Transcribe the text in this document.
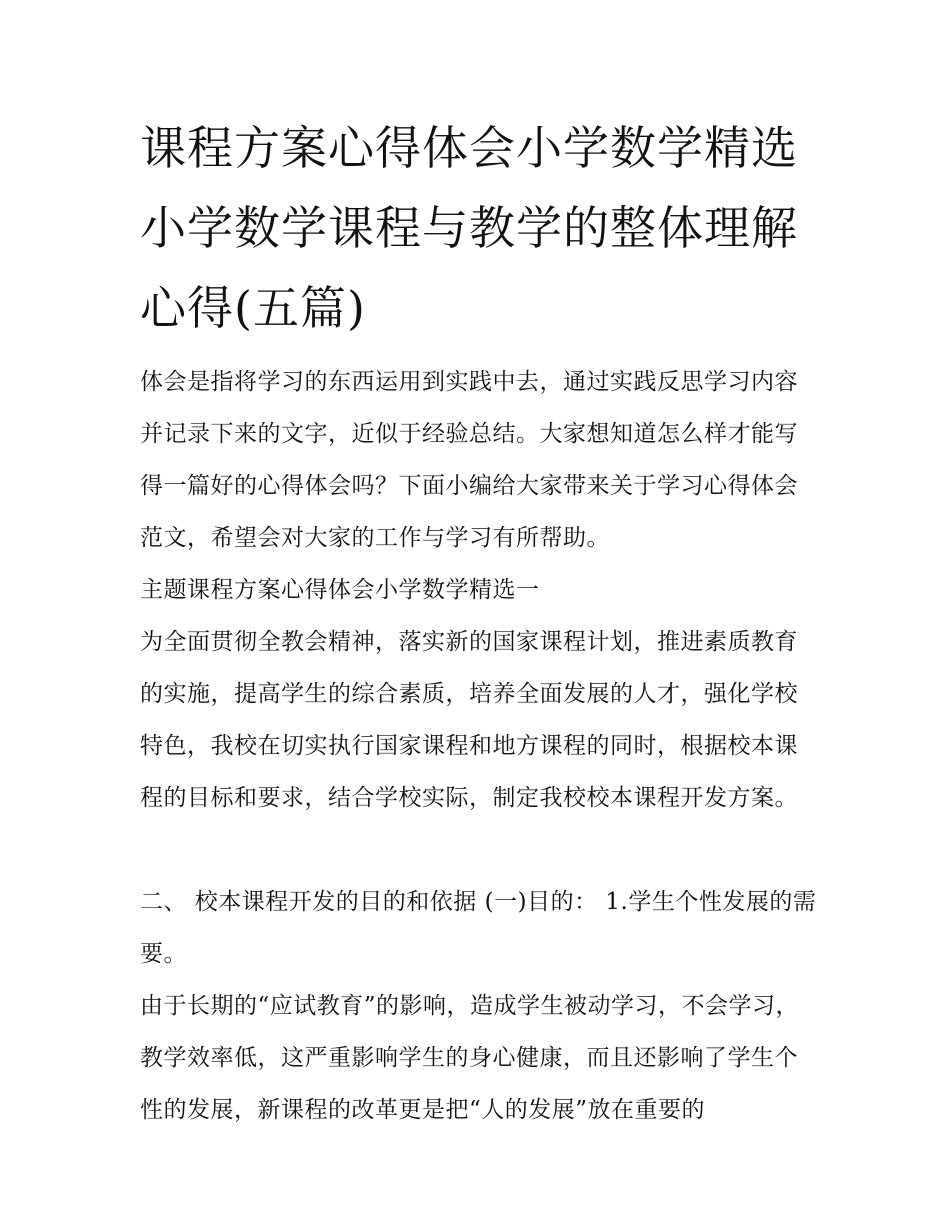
课程方案心得体会小学数学精选 小学数学课程与教学的整体理解心得(五篇)

体会是指将学习的东西运用到实践中去，通过实践反思学习内容并记录下来的文字，近似于经验总结。大家想知道怎么样才能写得一篇好的心得体会吗？下面小编给大家带来关于学习心得体会范文，希望会对大家的工作与学习有所帮助。

主题课程方案心得体会小学数学精选一

为全面贯彻全教会精神，落实新的国家课程计划，推进素质教育的实施，提高学生的综合素质，培养全面发展的人才，强化学校特色，我校在切实执行国家课程和地方课程的同时，根据校本课程的目标和要求，结合学校实际，制定我校校本课程开发方案。

二、 校本课程开发的目的和依据 (一)目的： 1.学生个性发展的需要。

由于长期的“应试教育”的影响，造成学生被动学习，不会学习，教学效率低，这严重影响学生的身心健康，而且还影响了学生个性的发展，新课程的改革更是把“人的发展”放在重要的
